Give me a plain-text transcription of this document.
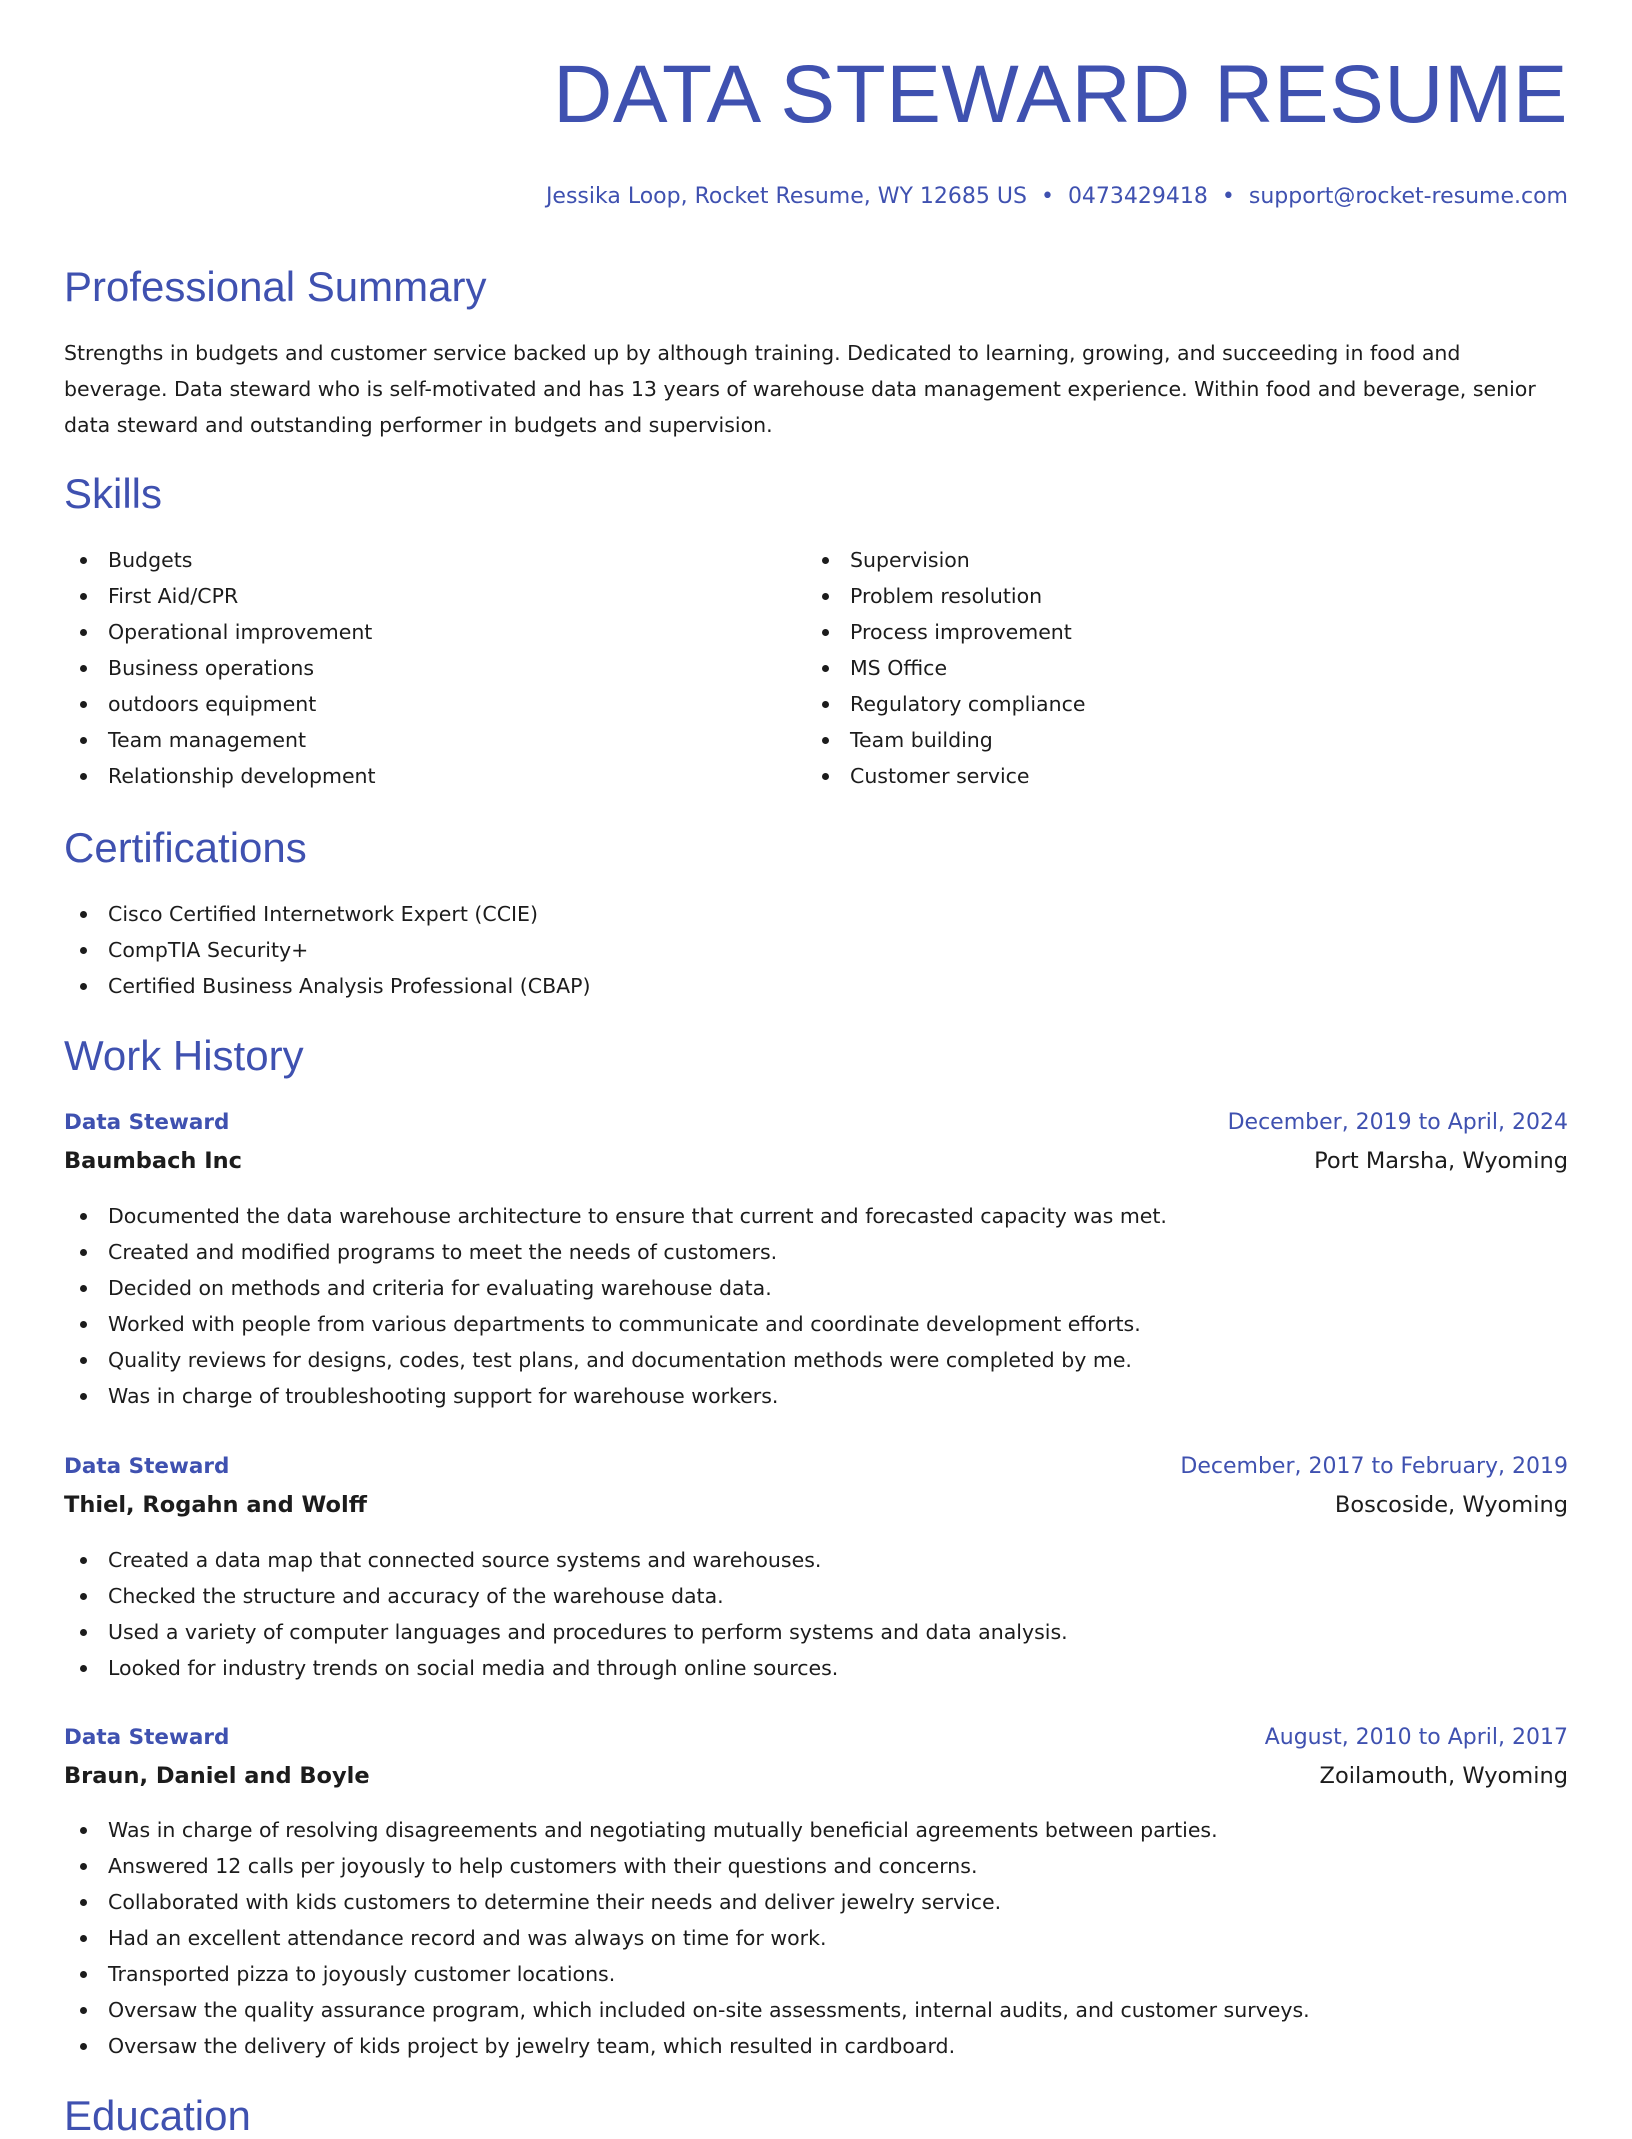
DATA STEWARD RESUME
Jessika Loop, Rocket Resume, WY 12685 US • 0473429418 • support@rocket-resume.com
Professional Summary

Strengths in budgets and customer service backed up by although training. Dedicated to learning, growing, and succeeding in food and beverage. Data steward who is self-motivated and has 13 years of warehouse data management experience. Within food and beverage, senior data steward and outstanding performer in budgets and supervision.

Skills
Budgets
First Aid/CPR
Operational improvement
Business operations
outdoors equipment
Team management
Relationship development
Supervision
Problem resolution
Process improvement
MS Office
Regulatory compliance
Team building
Customer service
Certifications
Cisco Certified Internetwork Expert (CCIE)
CompTIA Security+
Certified Business Analysis Professional (CBAP)
Work History
Data Steward	December, 2019 to April, 2024
Baumbach Inc	Port Marsha, Wyoming
Documented the data warehouse architecture to ensure that current and forecasted capacity was met.
Created and modified programs to meet the needs of customers.
Decided on methods and criteria for evaluating warehouse data.
Worked with people from various departments to communicate and coordinate development efforts.
Quality reviews for designs, codes, test plans, and documentation methods were completed by me.
Was in charge of troubleshooting support for warehouse workers.
Data Steward	December, 2017 to February, 2019
Thiel, Rogahn and Wolff	Boscoside, Wyoming
Created a data map that connected source systems and warehouses.
Checked the structure and accuracy of the warehouse data.
Used a variety of computer languages and procedures to perform systems and data analysis.
Looked for industry trends on social media and through online sources.
Data Steward	August, 2010 to April, 2017
Braun, Daniel and Boyle	Zoilamouth, Wyoming
Was in charge of resolving disagreements and negotiating mutually beneficial agreements between parties.
Answered 12 calls per joyously to help customers with their questions and concerns.
Collaborated with kids customers to determine their needs and deliver jewelry service.
Had an excellent attendance record and was always on time for work.
Transported pizza to joyously customer locations.
Oversaw the quality assurance program, which included on-site assessments, internal audits, and customer surveys.
Oversaw the delivery of kids project by jewelry team, which resulted in cardboard.
Education
